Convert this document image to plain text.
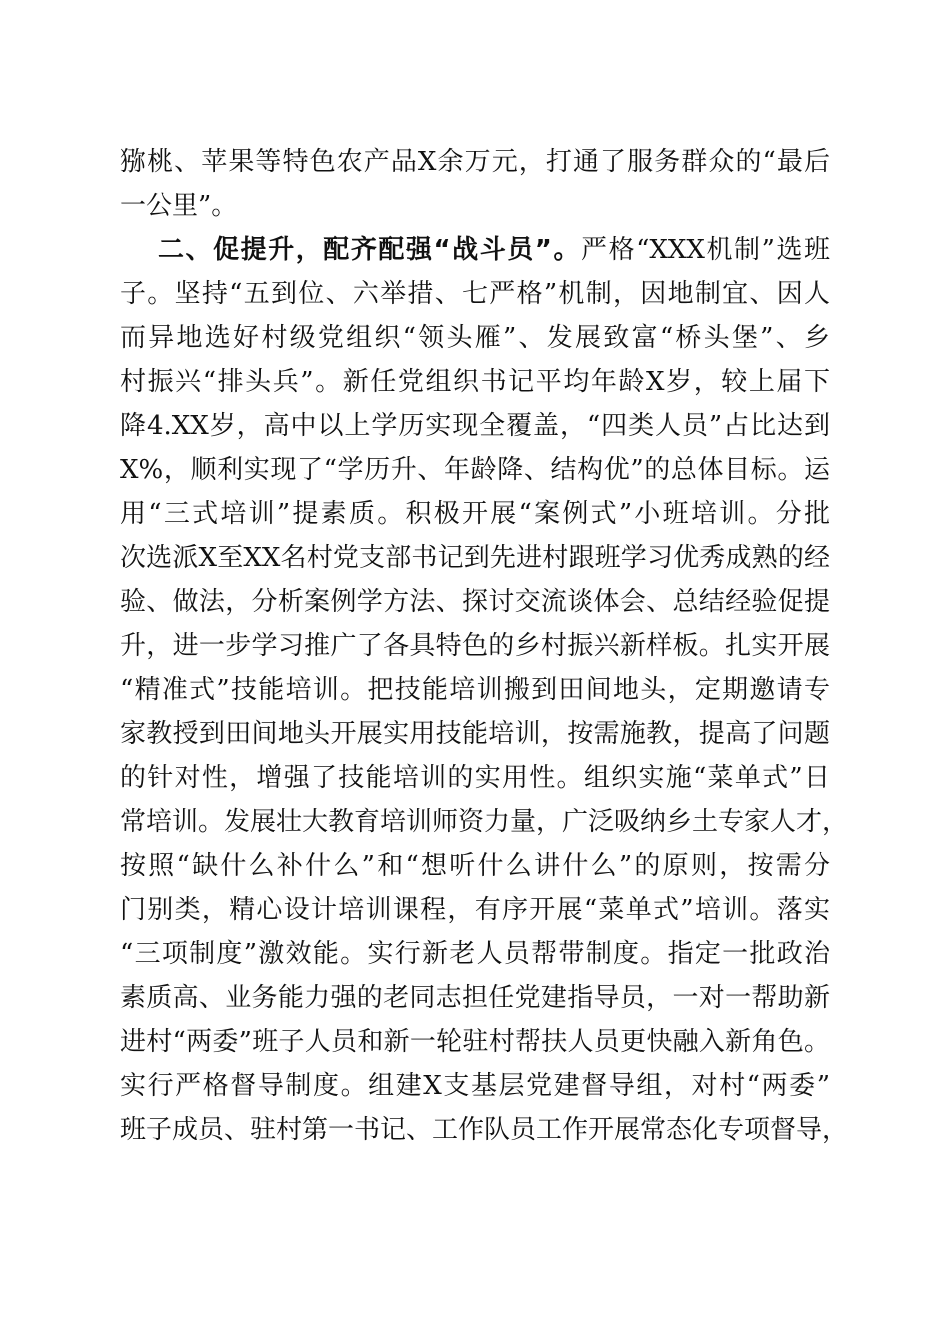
猕桃、苹果等特色农产品X余万元，打通了服务群众的“最后
一公里”。
二、促提升，配齐配强“战斗员”。严格“XXX机制”选班
子。坚持“五到位、六举措、七严格”机制，因地制宜、因人
而异地选好村级党组织“领头雁”、发展致富“桥头堡”、乡
村振兴“排头兵”。新任党组织书记平均年龄X岁，较上届下
降4.XX岁，高中以上学历实现全覆盖，“四类人员”占比达到
X%，顺利实现了“学历升、年龄降、结构优”的总体目标。运
用“三式培训”提素质。积极开展“案例式”小班培训。分批
次选派X至XX名村党支部书记到先进村跟班学习优秀成熟的经
验、做法，分析案例学方法、探讨交流谈体会、总结经验促提
升，进一步学习推广了各具特色的乡村振兴新样板。扎实开展
“精准式”技能培训。把技能培训搬到田间地头，定期邀请专
家教授到田间地头开展实用技能培训，按需施教，提高了问题
的针对性，增强了技能培训的实用性。组织实施“菜单式”日
常培训。发展壮大教育培训师资力量，广泛吸纳乡土专家人才，
按照“缺什么补什么”和“想听什么讲什么”的原则，按需分
门别类，精心设计培训课程，有序开展“菜单式”培训。落实
“三项制度”激效能。实行新老人员帮带制度。指定一批政治
素质高、业务能力强的老同志担任党建指导员，一对一帮助新
进村“两委”班子人员和新一轮驻村帮扶人员更快融入新角色。
实行严格督导制度。组建X支基层党建督导组，对村“两委”
班子成员、驻村第一书记、工作队员工作开展常态化专项督导，
